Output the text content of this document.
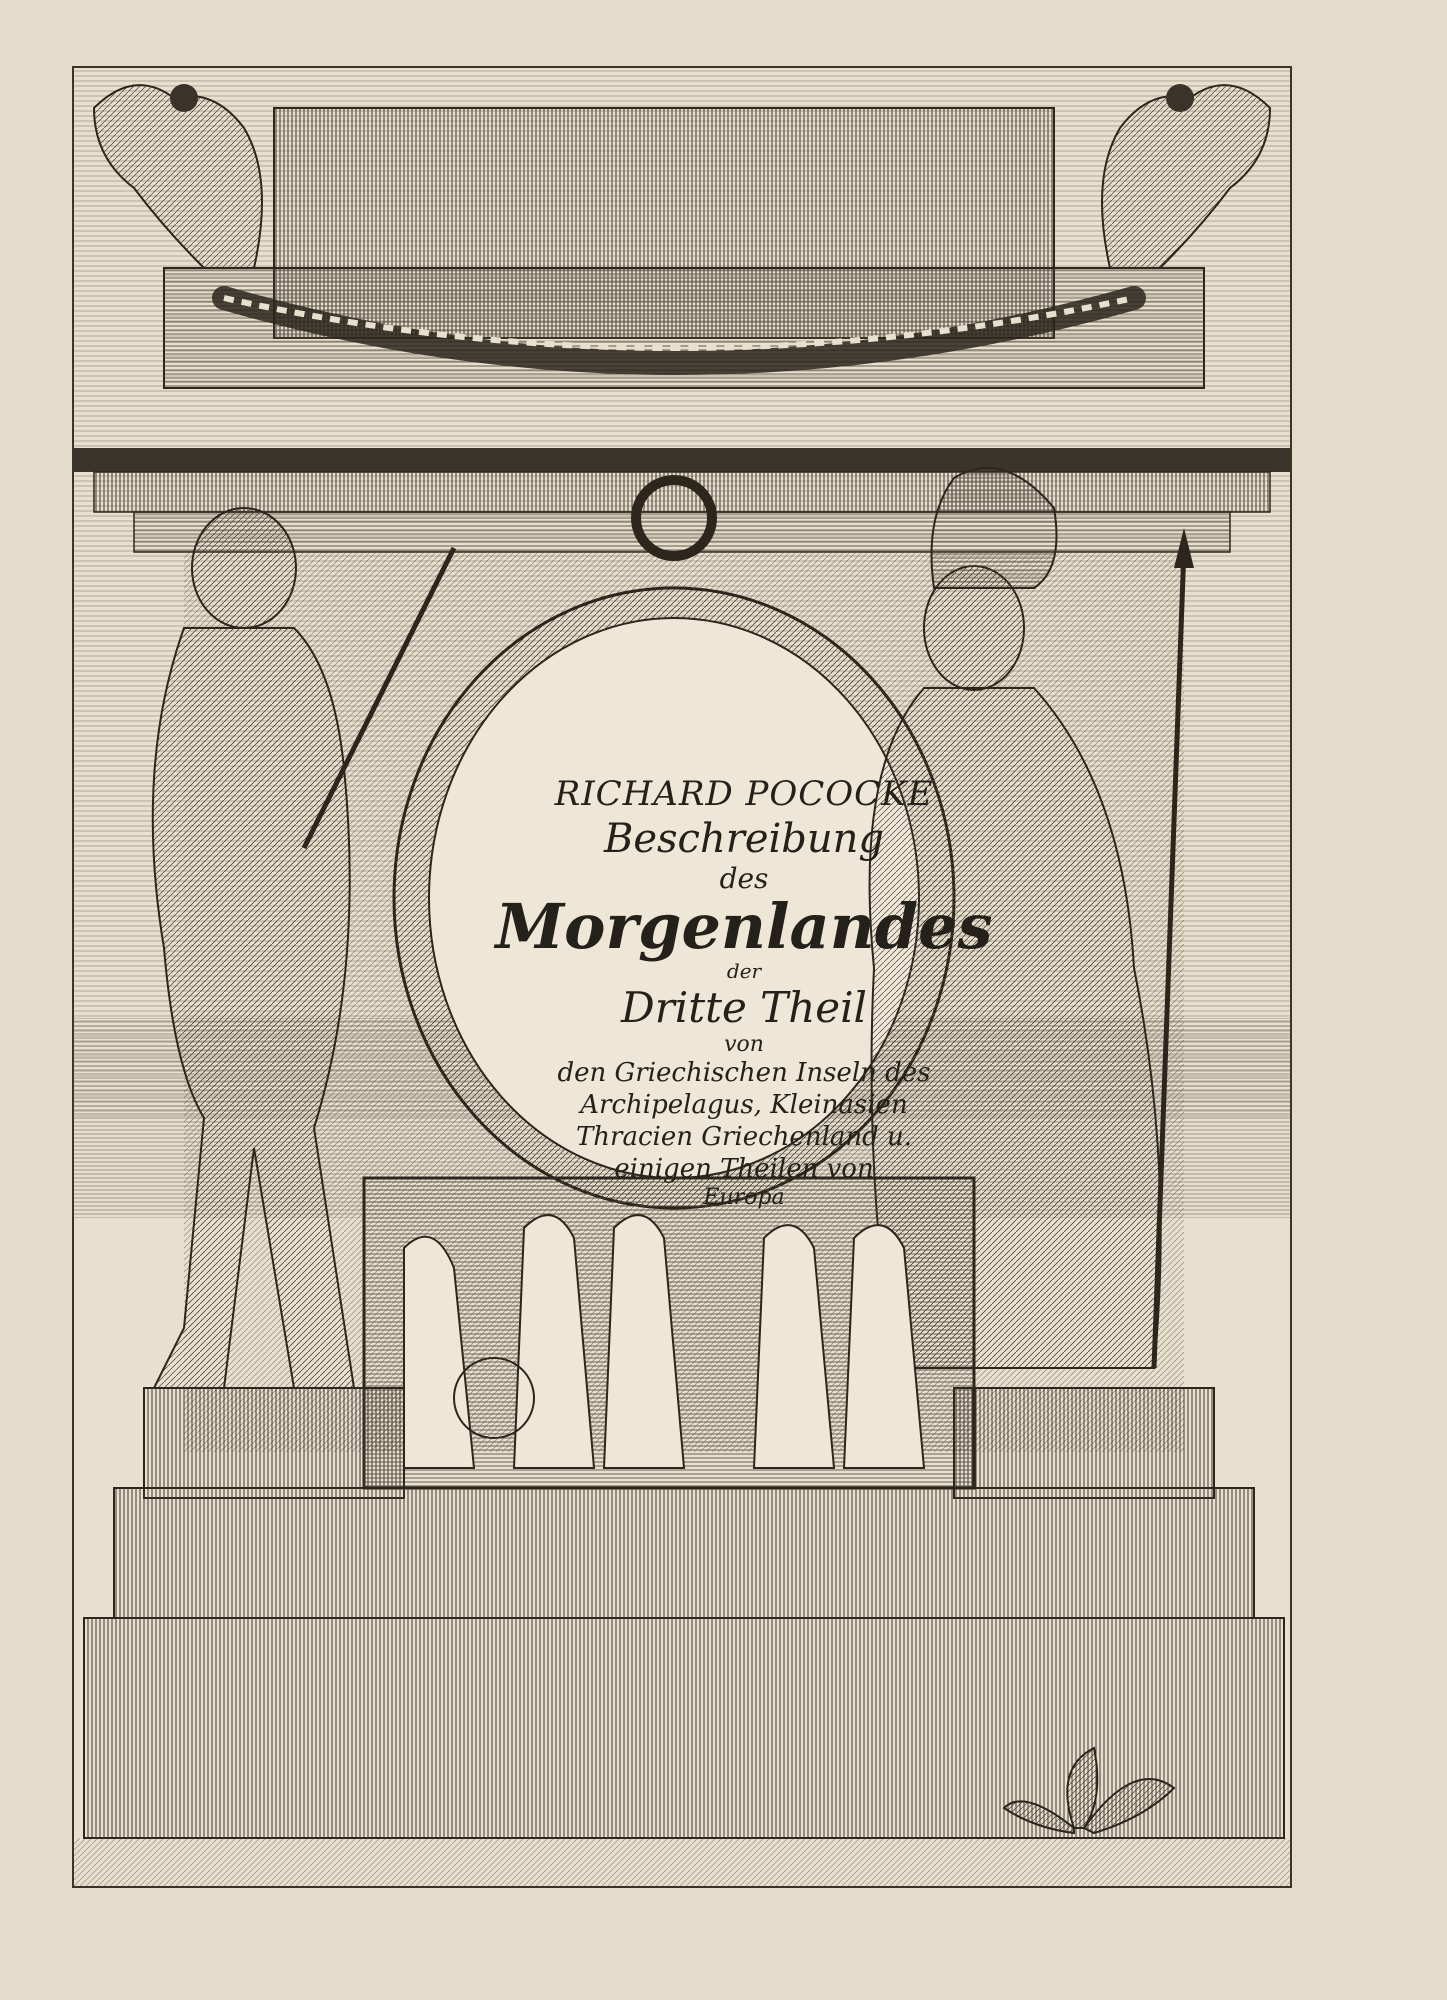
RICHARD POCOCKE
Beschreibung
des
Morgenlandes
der
Dritte Theil
von
den Griechischen Inseln des
Archipelagus, Kleinasien
Thracien Griechenland u.
einigen Theilen von
Europa
